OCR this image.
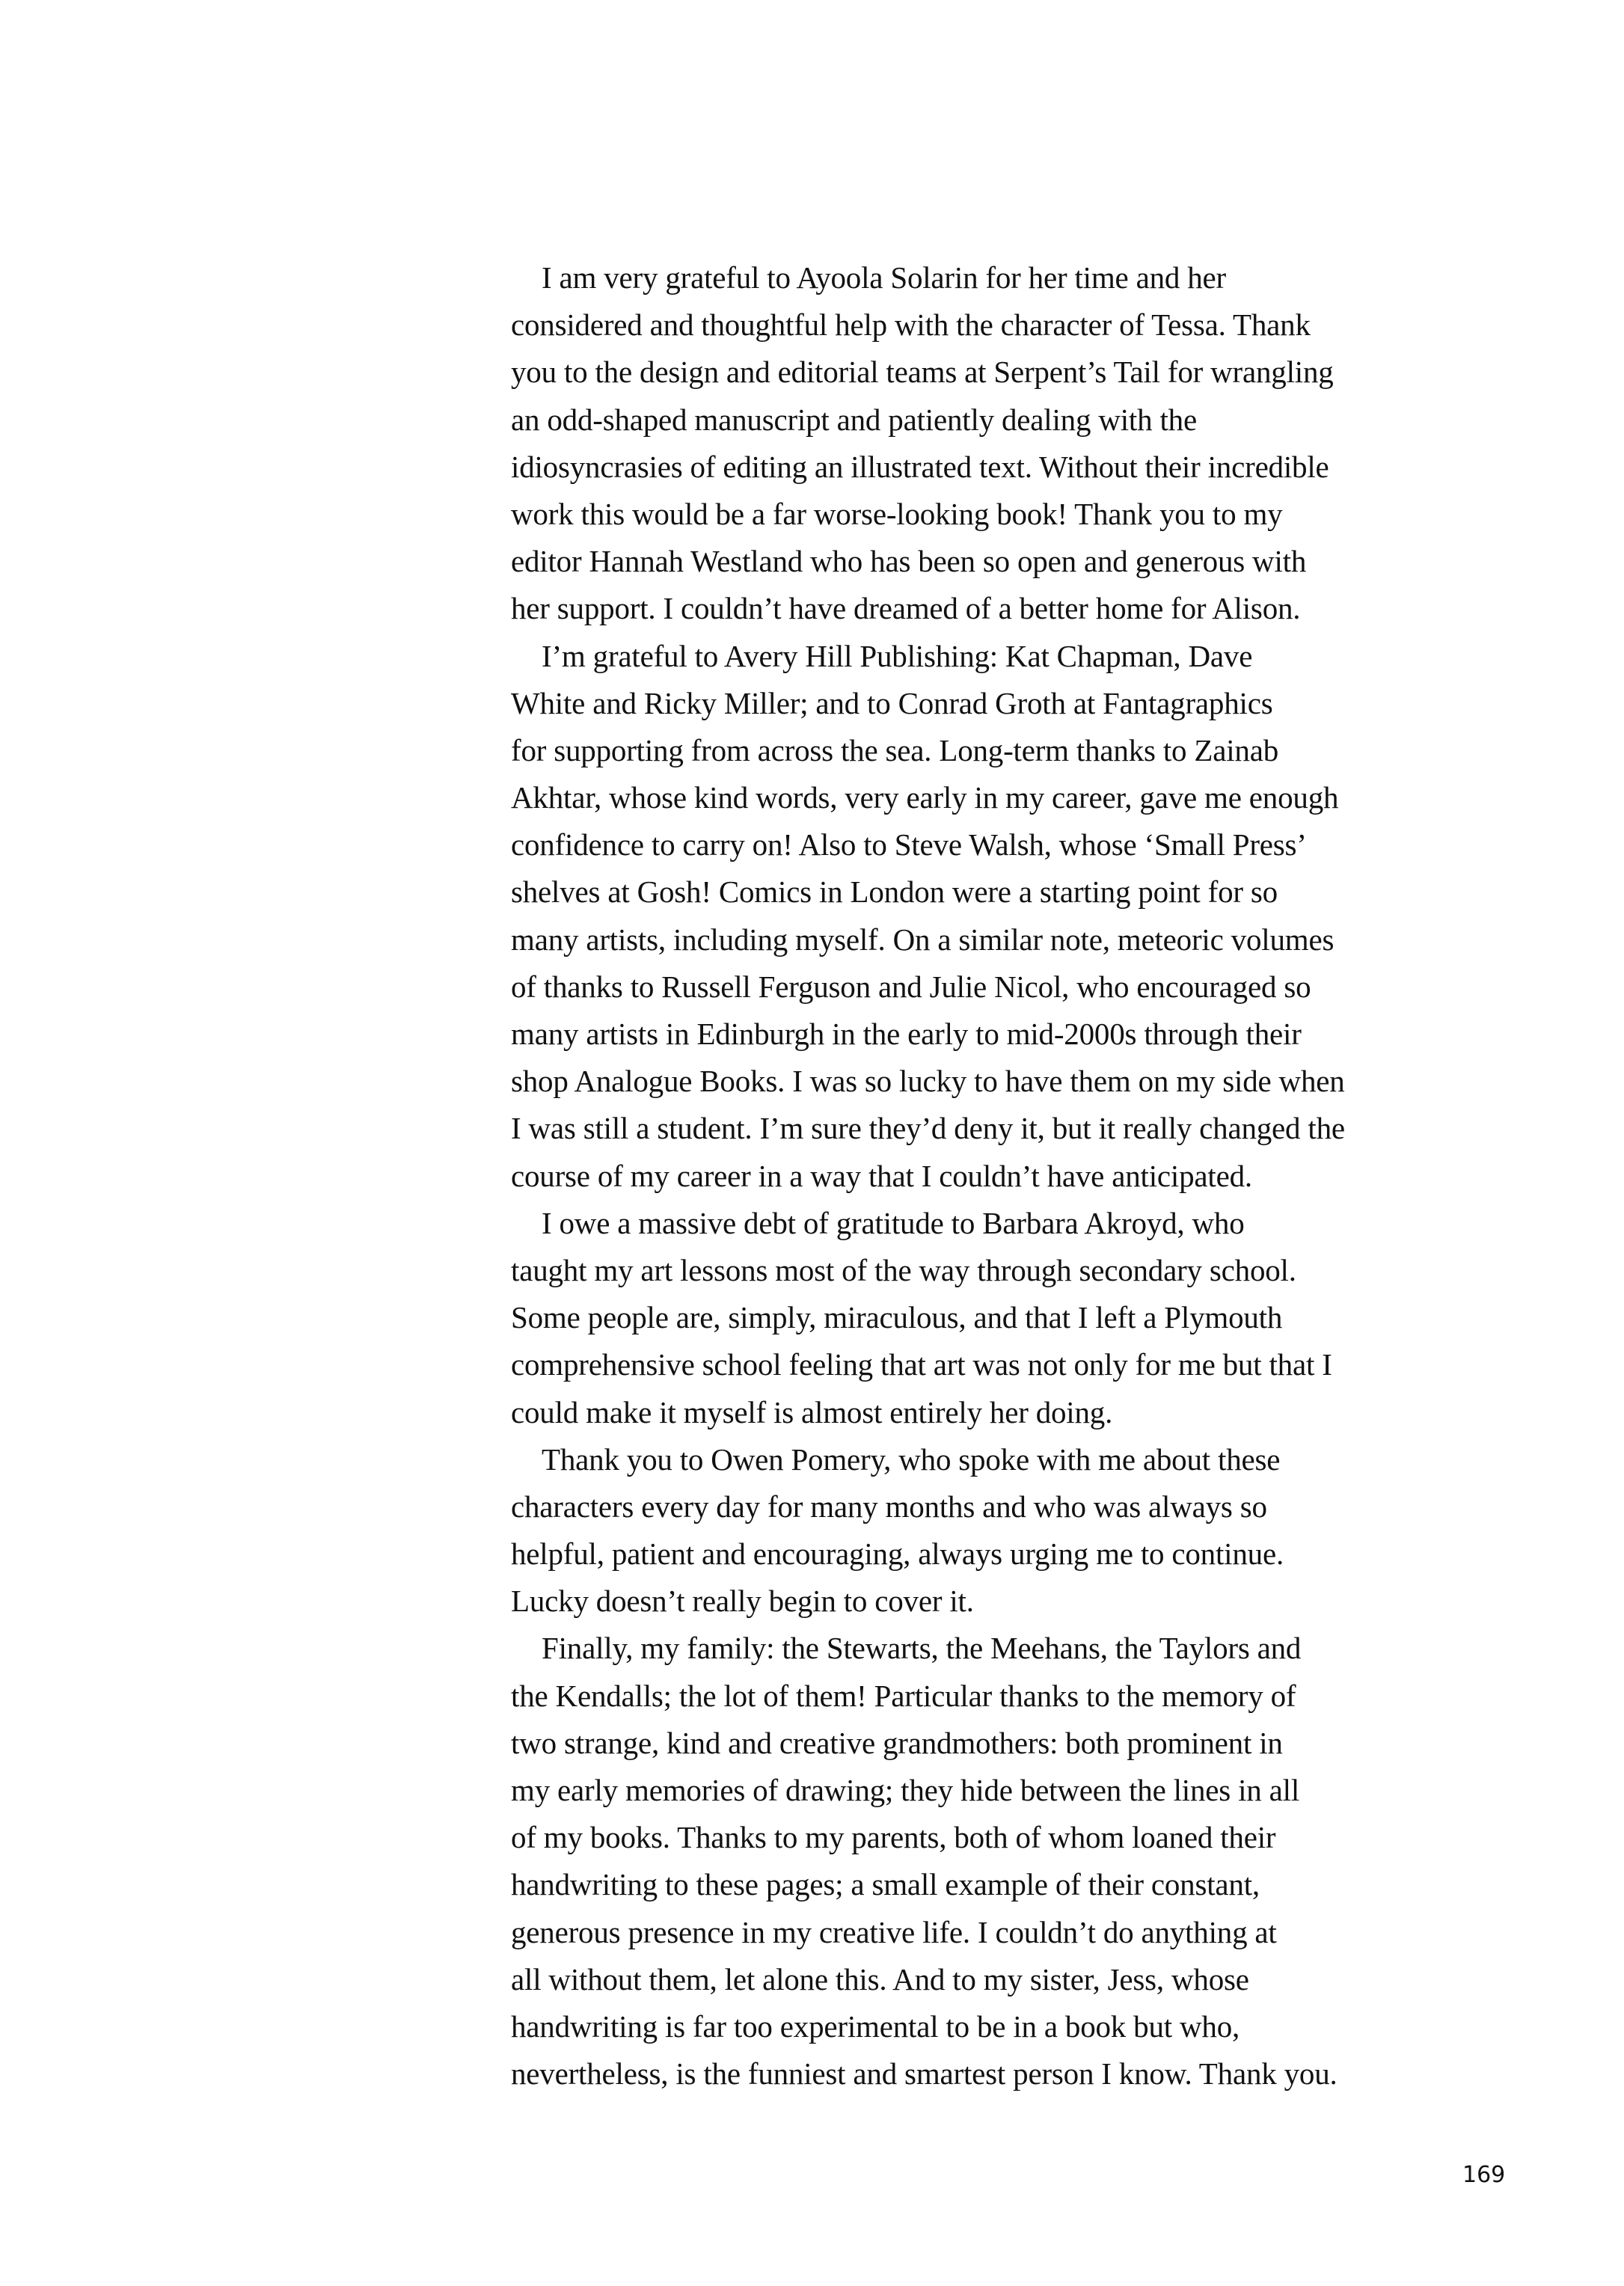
I am very grateful to Ayoola Solarin for her time and her
considered and thoughtful help with the character of Tessa. Thank
you to the design and editorial teams at Serpent’s Tail for wrangling
an odd-shaped manuscript and patiently dealing with the
idiosyncrasies of editing an illustrated text. Without their incredible
work this would be a far worse-looking book! Thank you to my
editor Hannah Westland who has been so open and generous with
her support. I couldn’t have dreamed of a better home for Alison.
I’m grateful to Avery Hill Publishing: Kat Chapman, Dave
White and Ricky Miller; and to Conrad Groth at Fantagraphics
for supporting from across the sea. Long-term thanks to Zainab
Akhtar, whose kind words, very early in my career, gave me enough
confidence to carry on! Also to Steve Walsh, whose ‘Small Press’
shelves at Gosh! Comics in London were a starting point for so
many artists, including myself. On a similar note, meteoric volumes
of thanks to Russell Ferguson and Julie Nicol, who encouraged so
many artists in Edinburgh in the early to mid-2000s through their
shop Analogue Books. I was so lucky to have them on my side when
I was still a student. I’m sure they’d deny it, but it really changed the
course of my career in a way that I couldn’t have anticipated.
I owe a massive debt of gratitude to Barbara Akroyd, who
taught my art lessons most of the way through secondary school.
Some people are, simply, miraculous, and that I left a Plymouth
comprehensive school feeling that art was not only for me but that I
could make it myself is almost entirely her doing.
Thank you to Owen Pomery, who spoke with me about these
characters every day for many months and who was always so
helpful, patient and encouraging, always urging me to continue.
Lucky doesn’t really begin to cover it.
Finally, my family: the Stewarts, the Meehans, the Taylors and
the Kendalls; the lot of them! Particular thanks to the memory of
two strange, kind and creative grandmothers: both prominent in
my early memories of drawing; they hide between the lines in all
of my books. Thanks to my parents, both of whom loaned their
handwriting to these pages; a small example of their constant,
generous presence in my creative life. I couldn’t do anything at
all without them, let alone this. And to my sister, Jess, whose
handwriting is far too experimental to be in a book but who,
nevertheless, is the funniest and smartest person I know. Thank you.
169
